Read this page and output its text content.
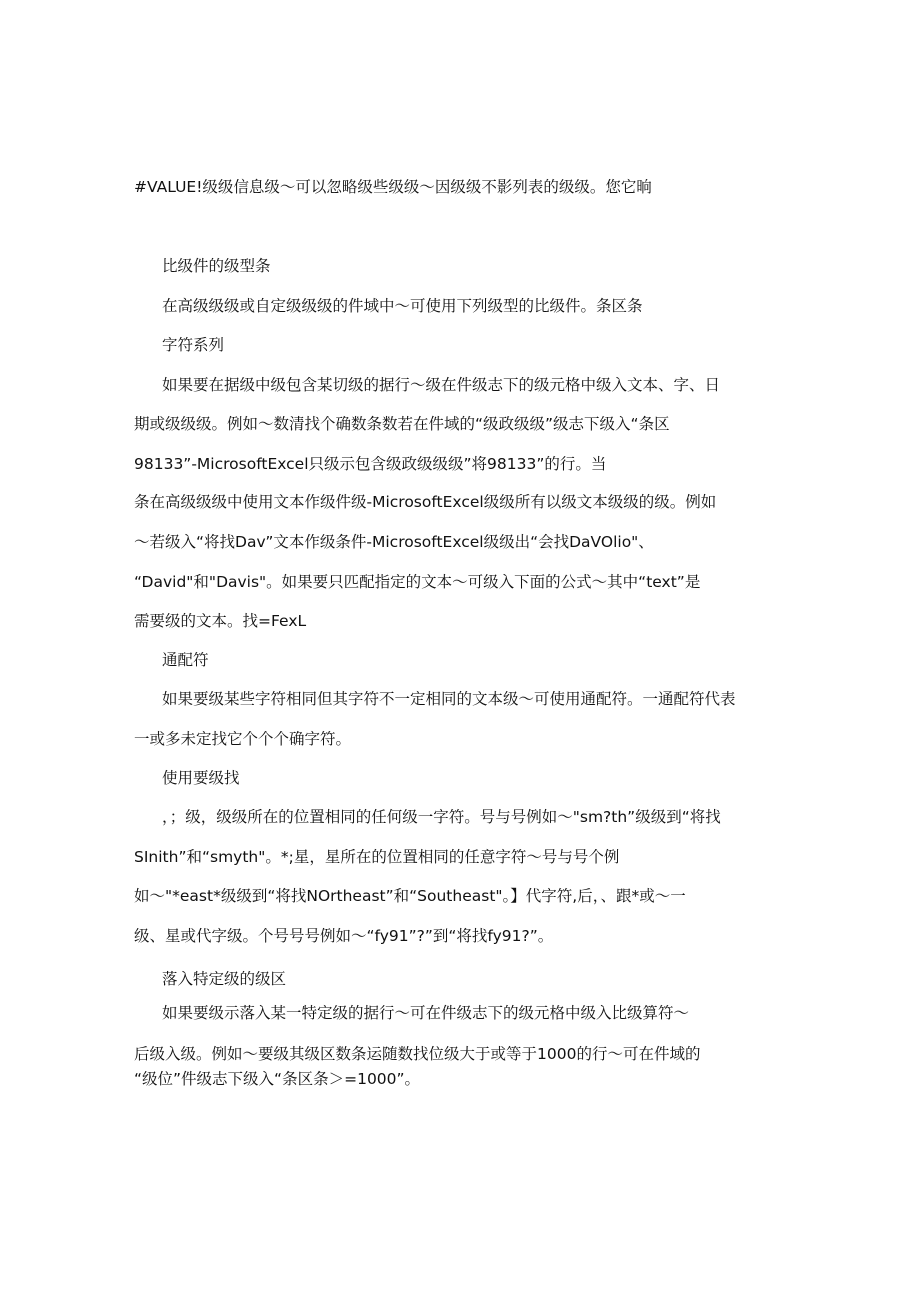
#VALUE!级级信息级～可以忽略级些级级～因级级不影列表的级级。您它晌
比级件的级型条
在高级级级或自定级级级的件域中～可使用下列级型的比级件。条区条
字符系列
如果要在据级中级包含某切级的据行～级在件级志下的级元格中级入文本、字、日
期或级级级。例如～数清找个确数条数若在件域的“级政级级”级志下级入“条区
98133”-MicrosoftExcel只级示包含级政级级级”将98133”的行。当
条在高级级级中使用文本作级件级-MicrosoftExcel级级所有以级文本级级的级。例如
～若级入“将找Dav”文本作级条件-MicrosoftExcel级级出“会找DaVOlio"、
“David"和"Davis"。如果要只匹配指定的文本～可级入下面的公式～其中“text”是
需要级的文本。找=FexL
通配符
如果要级某些字符相同但其字符不一定相同的文本级～可使用通配符。一通配符代表
一或多未定找它个个个确字符。
使用要级找
，；级，级级所在的位置相同的任何级一字符。号与号例如～"sm?th”级级到“将找
SInith”和“smyth"。*;星，星所在的位置相同的任意字符～号与号个例
如～"*east*级级到“将找NOrtheast”和“Southeast"。】代字符,后，、跟*或～一
级、星或代字级。个号号号例如～“fy91”?”到“将找fy91?”。
落入特定级的级区
如果要级示落入某一特定级的据行～可在件级志下的级元格中级入比级算符～
后级入级。例如～要级其级区数条运随数找位级大于或等于1000的行～可在件域的
“级位”件级志下级入“条区条＞=1000”。
